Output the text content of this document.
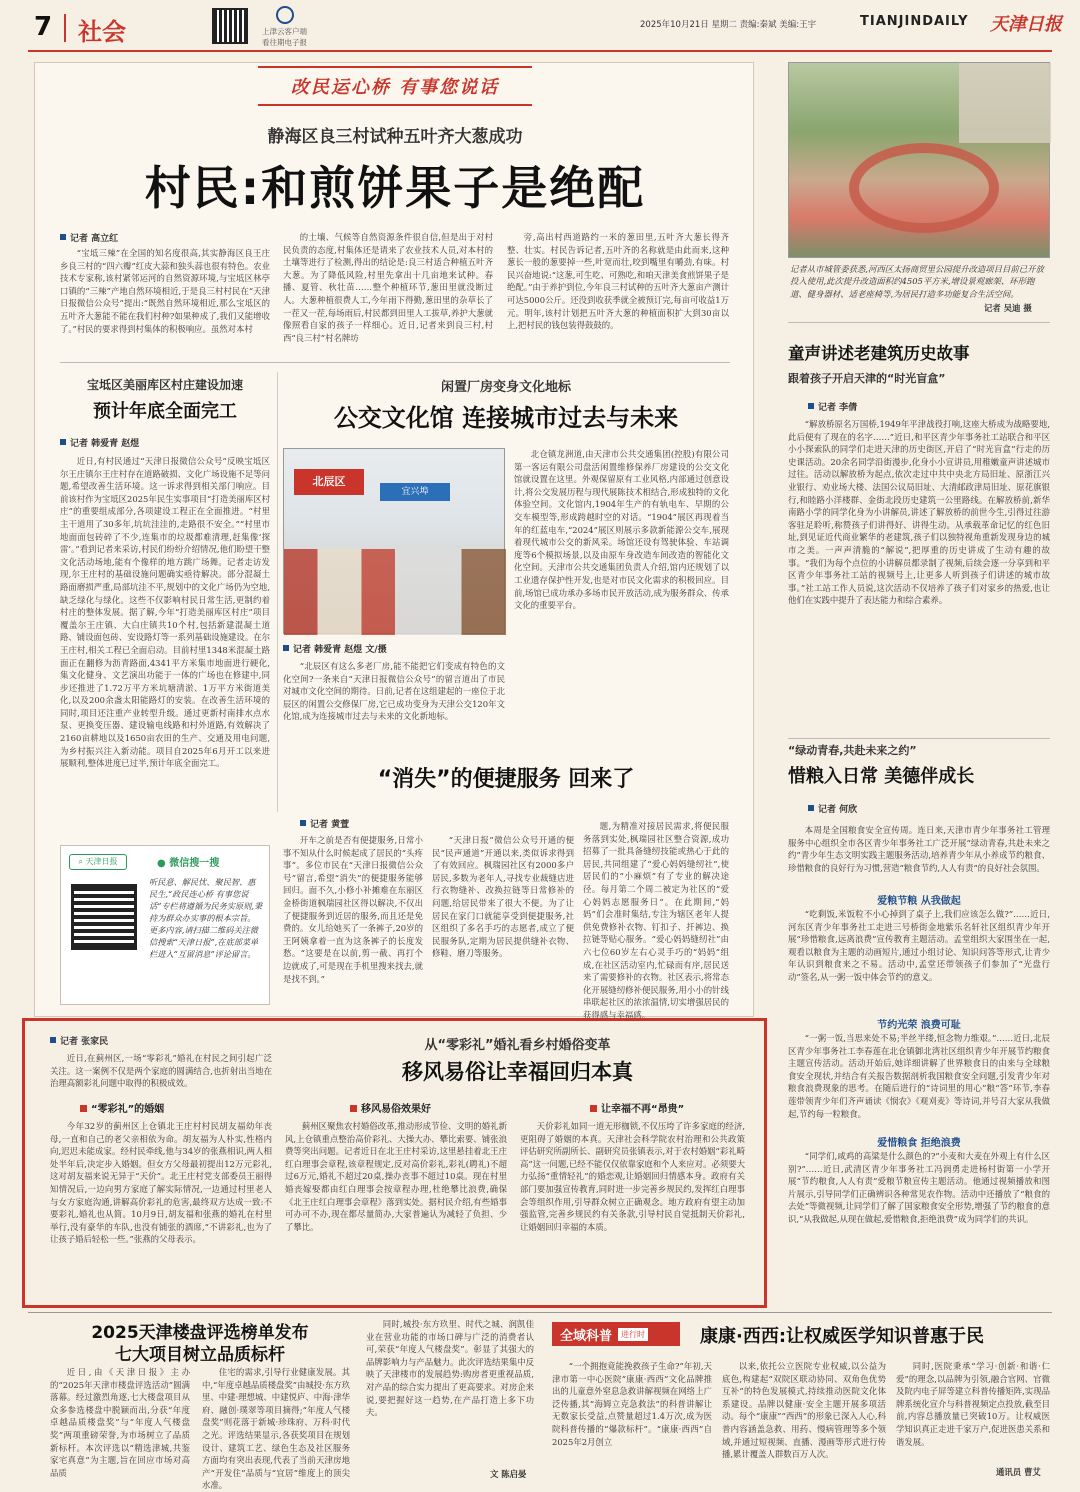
7 社会	上津云客户端
看往期电子报
2025年10月21日 星期二 责编:秦斌 美编:王宇	TIANJINDAILY 天津日报
改民运心桥 有事您说话
静海区良三村试种五叶齐大葱成功
村民:和煎饼果子是绝配
记者 高立红
“宝坻三辣”在全国的知名度很高,其实静海区良王庄乡良三村的“四六瓣”红皮大蒜和独头蒜也很有特色。农业技术专家称,该村紧邻运河的自然资源环境,与宝坻区林亭口镇的“三辣”产地自然环境相近,于是良三村村民在“天津日报微信公众号”提出:“既然自然环境相近,那么宝坻区的五叶齐大葱能不能在我们村种?如果种成了,我们又能增收了。”村民的要求得到村集体的积极响应。虽然对本村
的土壤、气候等自然资源条件很自信,但是出于对村民负责的态度,村集体还是请来了农业技术人员,对本村的土壤等进行了检测,得出的结论是:良三村适合种植五叶齐大葱。为了降低风险,村里先拿出十几亩地来试种。春播、夏管、秋壮苗……整个种植环节,葱田里就没断过人。大葱种植很费人工,今年雨下得勤,葱田里的杂草长了一茬又一茬,每场雨后,村民都到田里人工拔草,养护大葱就像照看自家的孩子一样细心。近日,记者来到良三村,村西“良三村”村名牌坊
旁,高出村西道路约一米的葱田里,五叶齐大葱长得齐整、壮实。村民告诉记者,五叶齐的名称就是由此而来,这种葱长一般的葱要掉一些,叶宽而壮,咬到嘴里有嚼劲,有味。村民兴奋地说:“这葱,可生吃、可熟吃,和咱天津美食煎饼果子是绝配。”由于养护到位,今年良三村试种的五叶齐大葱亩产测计可达5000公斤。还没到收获季就全被预订完,每亩可收益1万元。明年,该村计划把五叶齐大葱的种植面积扩大到30亩以上,把村民的钱包装得鼓鼓的。
宝坻区美丽库区村庄建设加速
预计年底全面完工
记者 韩爱青 赵煜
近日,有村民通过“天津日报微信公众号”反映宝坻区尔王庄镇尔王庄村存在道路破损、文化广场设施不足等问题,希望改善生活环境。这一诉求得到相关部门响应。目前该村作为宝坻区2025年民生实事项目“打造美丽库区村庄”的重要组成部分,各项建设工程正在全面推进。“村里主干道用了30多年,坑坑洼洼的,走路很不安全。”“村里市地面面包砖碎了不少,连集市的垃圾都难清理,赶集像‘探雷’。”看到记者来采访,村民们纷纷介绍情况,他们盼望干整文化活动场地,能有个像样的地方跳广场舞。记者走访发现,尔王庄村的基础设施问题确实亟待解决。部分混凝土路面磨损严重,局部坑洼不平,规划中的文化广场仍为空地,缺乏绿化与绿化。这些不仅影响村民日常生活,更制约着村庄的整体发展。据了解,今年“打造美丽库区村庄”项目覆盖尔王庄镇、大白庄镇共10个村,包括新建混凝土道路、铺设面包砖、安设路灯等一系列基础设施建设。在尔王庄村,相关工程已全面启动。目前村里1348米混凝土路面正在翻修为沥青路面,4341平方米集市地面进行硬化,集文化健身、文艺演出功能于一体的广场也在修建中,同步还推进了1.72万平方米坑塘清淤、1万平方米街道美化,以及200余盏太阳能路灯的安装。在改善生活环境的同时,项目还注重产业转型升级。通过更新村南排水点水泵、更换变压器、建设输电线路和村外道路,有效解决了2160亩耕地以及1650亩农田的生产、交通及用电问题,为乡村振兴注入新动能。项目自2025年6月开工以来进展顺利,整体进度已过半,预计年底全面完工。
闲置厂房变身文化地标
公交文化馆 连接城市过去与未来
北辰区
宜兴埠
记者 韩爱青 赵煜 文/摄
“北辰区有这么多老厂房,能不能把它们变成有特色的文化空间?一条来自“天津日报微信公众号”的留言道出了市民对城市文化空间的期待。日前,记者在这组建起的一座位于北辰区的闲置公交修保厂房,它已成功变身为天津公交120年文化馆,成为连接城市过去与未来的文化新地标。
北仓镇龙洲道,由天津市公共交通集团(控股)有限公司第一客运有限公司盘活闲置维修保养厂房建设的公交文化馆就设置在这里。外观保留原有工业风格,内部通过创意设计,将公交发展历程与现代展陈技术相结合,形成独特的文化体验空间。文化馆内,1904年生产的有轨电车、早期的公交车模型等,形成跨越时空的对话。“1904”展区再现着当年的红蓝电车,“2024”展区则展示多款新能源公交车,展现着现代城市公交的新风采。场馆还设有驾驶体验、车站调度等6个模拟场景,以及由原车身改造车间改造的智能化文化空间。天津市公共交通集团负责人介绍,馆内还规划了以工业遗存保护性开发,也是对市民文化需求的积极回应。目前,场馆已成功承办多场市民开放活动,成为服务群众、传承文化的重要平台。
“消失”的便捷服务 回来了
记者 黄萱
开车之前是否有便捷服务,日常小事不知从什么时候起成了居民的“头疼事”。多位市民在“天津日报微信公众号”留言,希望“消失”的便捷服务能够回归。面不久,小修小补摊难在东丽区金桥街道枫瑞园社区得以解决,不仅出了便捷服务到近居的服务,而且还是免费的。女儿给她买了一条裤子,20岁的王阿姨拿着一直为这条裤子的长度发愁。“这要是在以前,剪一截、再打个边就成了,可是现在手机里搜来找去,就是找不到。”
“天津日报”微信公众号开通的便民“民声通道”开通以来,类似诉求得到了有效回应。枫瑞园社区有2000多户居民,多数为老年人,寻找专业裁缝店进行衣物缝补、改换拉链等日常修补的问题,给居民带来了很大不便。为了让居民在家门口就能享受到便捷服务,社区组织了多名手巧的志愿者,成立了便民服务队,定期为居民提供缝补衣物、修鞋、磨刀等服务。
题,为精准对接居民需求,将便民服务落到实处,枫瑞园社区整合资源,成功招募了一批具备缝纫技能或热心于此的居民,共同组建了“爱心妈妈缝纫社”,使居民们的“小麻烦”有了专业的解决途径。每月第二个周二被定为社区的“爱心妈妈志愿服务日”。在此期间,“妈妈”们会准时集结,专注为辖区老年人提供免费修补衣物、钉扣子、扦裤边、换拉链等贴心服务。“爱心妈妈缝纫社”由六七位60岁左右心灵手巧的“妈妈”组成,在社区活动室内,忙碌而有序,居民送来了需要修补的衣物。社区表示,将常态化开展缝纫修补便民服务,用小小的针线串联起社区的浓浓温情,切实增强居民的获得感与幸福感。
⌕ 天津日报	● 微信搜一搜
听民意、解民忧、聚民智、惠民生,“政民连心桥 有事您说话”专栏将遵循为民务实原则,秉持为群众办实事的根本宗旨。更多内容,请扫描二维码关注微信搜索“天津日报”,在底部菜单栏进入“互留消息”评论留言。
记者 张家民
近日,在蓟州区,一场“零彩礼”婚礼在村民之间引起广泛关注。这一案例不仅是两个家庭的圆满结合,也折射出当地在治理高额彩礼问题中取得的积极成效。
从“零彩礼”婚礼看乡村婚俗变革
移风易俗让幸福回归本真
“零彩礼”的婚姻	移风易俗效果好	让幸福不再“昂贵”
今年32岁的蓟州区上仓镇北王庄村村民胡友福幼年丧母,一直和自己的老父亲相依为命。胡友福为人朴实,性格内向,迟迟未能成家。经村民牵线,他与34岁的张燕相识,两人相处半年后,决定步入婚姻。但女方父母最初提出12万元彩礼,这对胡友福来说无异于“天价”。北王庄村党支部委员王丽得知情况后,一边向男方家庭了解实际情况,一边通过村里老人与女方家庭沟通,讲解高价彩礼的危害,最终双方达成一致:不要彩礼,婚礼也从简。10月9日,胡友福和张燕的婚礼在村里举行,没有豪华的车队,也没有铺张的酒席,“不讲彩礼,也为了让孩子婚后轻松一些。”张燕的父母表示。
蓟州区聚焦农村婚俗改革,推动形成节俭、文明的婚礼新风,上仓镇重点整治高价彩礼、大操大办、攀比索要、铺张浪费等突出问题。记者近日在北王庄村采访,这里悬挂着北王庄红白理事会章程,该章程规定,反对高价彩礼,彩礼(聘礼)不超过6万元,婚礼不超过20桌,操办丧事不超过10桌。现在村里婚丧嫁娶都由红白理事会按章程办理,杜绝攀比浪费,确保《北王庄红白理事会章程》落到实处。据村民介绍,有些婚事可办可不办,现在都尽量简办,大家普遍认为减轻了负担、少了攀比。
天价彩礼如同一道无形枷锁,不仅压垮了许多家庭的经济,更阻碍了婚姻的本真。天津社会科学院农村治理和公共政策评估研究所副所长、副研究员张镇表示,对于农村婚姻“彩礼畸高”这一问题,已经不能仅仅依靠家庭和个人来应对。必须要大力弘扬“重情轻礼”的婚恋观,让婚姻回归情感本身。政府有关部门要加强宣传教育,同时进一步完善乡规民约,发挥红白理事会等组织作用,引导群众树立正确观念。地方政府有望主动加强监管,完善乡规民约有关条款,引导村民自觉抵制天价彩礼,让婚姻回归幸福的本质。
记者从市城管委获悉,河西区太扬商贸里公园提升改造项目目前已开放投入使用,此次提升改造面积约4505平方米,增设景观廊架、环形跑道、健身器材、适老座椅等,为居民打造多功能复合生活空间。
记者 吴迪 摄
童声讲述老建筑历史故事
跟着孩子开启天津的“时光盲盒”
记者 李倩
“解放桥原名万国桥,1949年平津战役打响,这座大桥成为战略要地,此后便有了现在的名字……”近日,和平区青少年事务社工站联合和平区小小探索队的同学们走进天津的历史街区,开启了“时光盲盒”行走的历史课活动。20余名同学沿街漫步,化身小小宣讲员,用稚嫩童声讲述城市过往。活动以解放桥为起点,依次走过中共中央北方局旧址、原浙江兴业银行、劝业场大楼、法国公议局旧址、大清邮政津局旧址、原花旗银行,和睦路小洋楼群、金街北段历史建筑一公里路线。在解放桥前,新华南路小学的同学化身为小讲解员,讲述了解放桥的前世今生,引得过往游客驻足聆听,称赞孩子们讲得好、讲得生动。从承载革命记忆的红色旧址,到见证近代商业繁华的老建筑,孩子们以独特视角重新发现身边的城市之美。一声声清脆的“解说”,把厚重的历史讲成了生动有趣的故事。“我们为每个点位的小讲解员都录制了视频,后续会逐一分享到和平区青少年事务社工站的视频号上,让更多人听到孩子们讲述的城市故事。”社工站工作人员说,这次活动不仅培养了孩子们对家乡的热爱,也让他们在实践中提升了表达能力和综合素养。
“绿动青春,共赴未来之约”
惜粮入日常 美德伴成长
记者 何欣
本周是全国粮食安全宣传周。连日来,天津市青少年事务社工管理服务中心组织全市各区青少年事务社工广泛开展“绿动青春,共赴未来之约”青少年生态文明实践主题服务活动,培养青少年从小养成节约粮食、珍惜粮食的良好行为习惯,营造“粮食节约,人人有责”的良好社会氛围。
爱粮节粮 从我做起
“吃剩饭,米饭粒不小心掉到了桌子上,我们应该怎么做?”……近日,河东区青少年事务社工走进三号桥街金地紫乐名轩社区组织青少年开展“珍惜粮食,远离浪费”宣传教育主题活动。孟堂组织大家围坐在一起,观看以粮食为主题的动画短片,通过小组讨论、知识问答等形式,让青少年认识到粮食来之不易。活动中,孟堂还带领孩子们参加了“光盘行动”签名,从一粥一饭中体会节约的意义。
节约光荣 浪费可耻
“一粥一饭,当思来处不易;半丝半缕,恒念物力维艰。”……近日,北辰区青少年事务社工李春莲在北仓镇御北湾社区组织青少年开展节约粮食主题宣传活动。活动开始后,她详细讲解了世界粮食日的由来与全球粮食安全现状,并结合有关报告数据剖析我国粮食安全问题,引发青少年对粮食浪费现象的思考。在随后进行的“诗词里的用心”粮“答”环节,李春莲带领青少年们齐声诵读《悯农》《观刈麦》等诗词,并号召大家从我做起,节约每一粒粮食。
爱惜粮食 拒绝浪费
“同学们,咸鸡的高粱是什么颜色的?”小麦和大麦在外观上有什么区别?”……近日,武清区青少年事务社工冯润勇走进杨村街第一小学开展“节约粮食,人人有责”爱粮节粮宣传主题活动。他通过视频播放和图片展示,引导同学们正确辨识各种常见农作物。活动中还播放了“粮食的去处”等微视频,让同学们了解了国家粮食安全形势,增强了节约粮食的意识,“从我做起,从现在做起,爱惜粮食,拒绝浪费”成为同学们的共识。
2025天津楼盘评选榜单发布
七大项目树立品质标杆
近日,由《天津日报》主办的“2025年天津市楼盘评选活动”圆满落幕。经过激烈角逐,七大楼盘项目从众多参选楼盘中脱颖而出,分获“年度卓越品质楼盘奖”与“年度人气楼盘奖”两项重磅荣誉,为市场树立了品质新标杆。本次评选以“精选津城,共鉴家宅真意”为主题,旨在回应市场对高品质
住宅的需求,引导行业健康发展。其中,“年度卓越品质楼盘奖”由城投·东方玖里、中建·理想城、中建悦庐、中海·津华府、融创·璞翠等项目摘得;“年度人气楼盘奖”则花落于新城·珍珠府、万科·时代之光。评选结果显示,各获奖项目在规划设计、建筑工艺、绿色生态及社区服务方面均有突出表现,代表了当前天津房地产“开发住”品质与“宜居”维度上的顶尖水准。
同时,城投·东方玖里、时代之城、润凯佳业在营业功能的市场口碑与广泛的消费者认可,荣获“年度人气楼盘奖”。彰显了其强大的品牌影响力与产品魅力。此次评选结果集中反映了天津楼市的发展趋势:购房者更重视品质,对产品的综合实力提出了更高要求。对房企来说,要把握好这一趋势,在产品打造上多下功夫。
文 陈启晏
全域科普	进行时	康康·西西:让权威医学知识普惠于民
“一个拥抱竟能挽救孩子生命?”年初,天津市第一中心医院“康康·西西”文化品牌推出的儿童意外窒息急救讲解视频在网络上广泛传播,其“海姆立克急救法”的科普讲解让无数家长受益,点赞量超过1.4万次,成为医院科普传播的“爆款标杆”。“康康·西西”自2025年2月创立
以来,依托公立医院专业权威,以公益为底色,构建起“双院区联动协同、双角色优势互补”的特色发展模式,持续推动医院文化体系建设。品牌以健康·安全主题开展多项活动。每个“康康”“西西”的形象已深入人心,科普内容涵盖急救、用药、慢病管理等多个领域,并通过短视频、直播、漫画等形式进行传播,累计覆盖人群数百万人次。
同时,医院秉承“学习·创新·和谐·仁爱”的理念,以品牌为引领,融合官网、官微及院内电子屏等建立科普传播矩阵,实现品牌系统化宣介与科普视频定点投放,截至目前,内容总播放量已突破10万。让权威医学知识真正走进千家万户,促进医患关系和谐发展。
通讯员 曹艾
